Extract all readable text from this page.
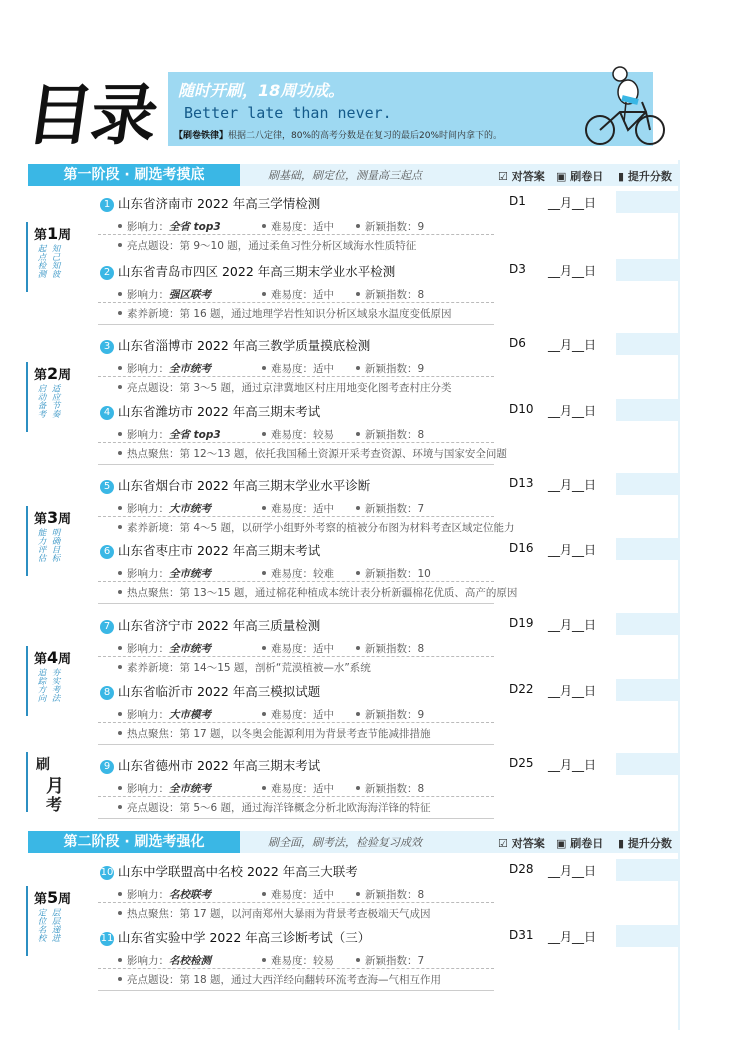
目录 随时开刷，18周功成。
Better late than never.
【刷卷铁律】根据二八定律，80%的高考分数是在复习的最后20%时间内拿下的。
第一阶段 · 刷选考摸底	刷基础，刷定位，测量高三起点	☑ 对答案 ▣ 刷卷日 ▮ 提升分数
第二阶段 · 刷选考强化	刷全面，刷考法，检验复习成效	☑ 对答案 ▣ 刷卷日 ▮ 提升分数
第1周
起点检测 知己知彼
第2周
启动备考 适应节奏
第3周
能力评估 明确目标
第4周
追踪方向 夯实考法
刷
月
考
第5周
定位名校 层层递进
1 山东省济南市 2022 年高三学情检测	D1 __月__日
影响力：全省 top3	难易度：适中	新颖指数：9
亮点题设：第 9～10 题，通过柔鱼习性分析区域海水性质特征
2 山东省青岛市四区 2022 年高三期末学业水平检测	D3 __月__日
影响力：强区联考	难易度：适中	新颖指数：8
素养新境：第 16 题，通过地理学岩性知识分析区域泉水温度变低原因
3 山东省淄博市 2022 年高三教学质量摸底检测	D6 __月__日
影响力：全市统考	难易度：适中	新颖指数：9
亮点题设：第 3～5 题，通过京津冀地区村庄用地变化图考查村庄分类
4 山东省潍坊市 2022 年高三期末考试	D10 __月__日
影响力：全省 top3	难易度：较易	新颖指数：8
热点聚焦：第 12～13 题，依托我国稀土资源开采考查资源、环境与国家安全问题
5 山东省烟台市 2022 年高三期末学业水平诊断	D13 __月__日
影响力：大市统考	难易度：适中	新颖指数：7
素养新境：第 4～5 题，以研学小组野外考察的植被分布图为材料考查区域定位能力
6 山东省枣庄市 2022 年高三期末考试	D16 __月__日
影响力：全市统考	难易度：较难	新颖指数：10
热点聚焦：第 13～15 题，通过棉花种植成本统计表分析新疆棉花优质、高产的原因
7 山东省济宁市 2022 年高三质量检测	D19 __月__日
影响力：全市统考	难易度：适中	新颖指数：8
素养新境：第 14～15 题，剖析“荒漠植被—水”系统
8 山东省临沂市 2022 年高三模拟试题	D22 __月__日
影响力：大市模考	难易度：适中	新颖指数：9
热点聚焦：第 17 题，以冬奥会能源利用为背景考查节能减排措施
9 山东省德州市 2022 年高三期末考试	D25 __月__日
影响力：全市统考	难易度：适中	新颖指数：8
亮点题设：第 5～6 题，通过海洋锋概念分析北欧海海洋锋的特征
10 山东中学联盟高中名校 2022 年高三大联考	D28 __月__日
影响力：名校联考	难易度：适中	新颖指数：8
热点聚焦：第 17 题，以河南郑州大暴雨为背景考查极端天气成因
11 山东省实验中学 2022 年高三诊断考试（三）	D31 __月__日
影响力：名校检测	难易度：较易	新颖指数：7
亮点题设：第 18 题，通过大西洋经向翻转环流考查海—气相互作用
